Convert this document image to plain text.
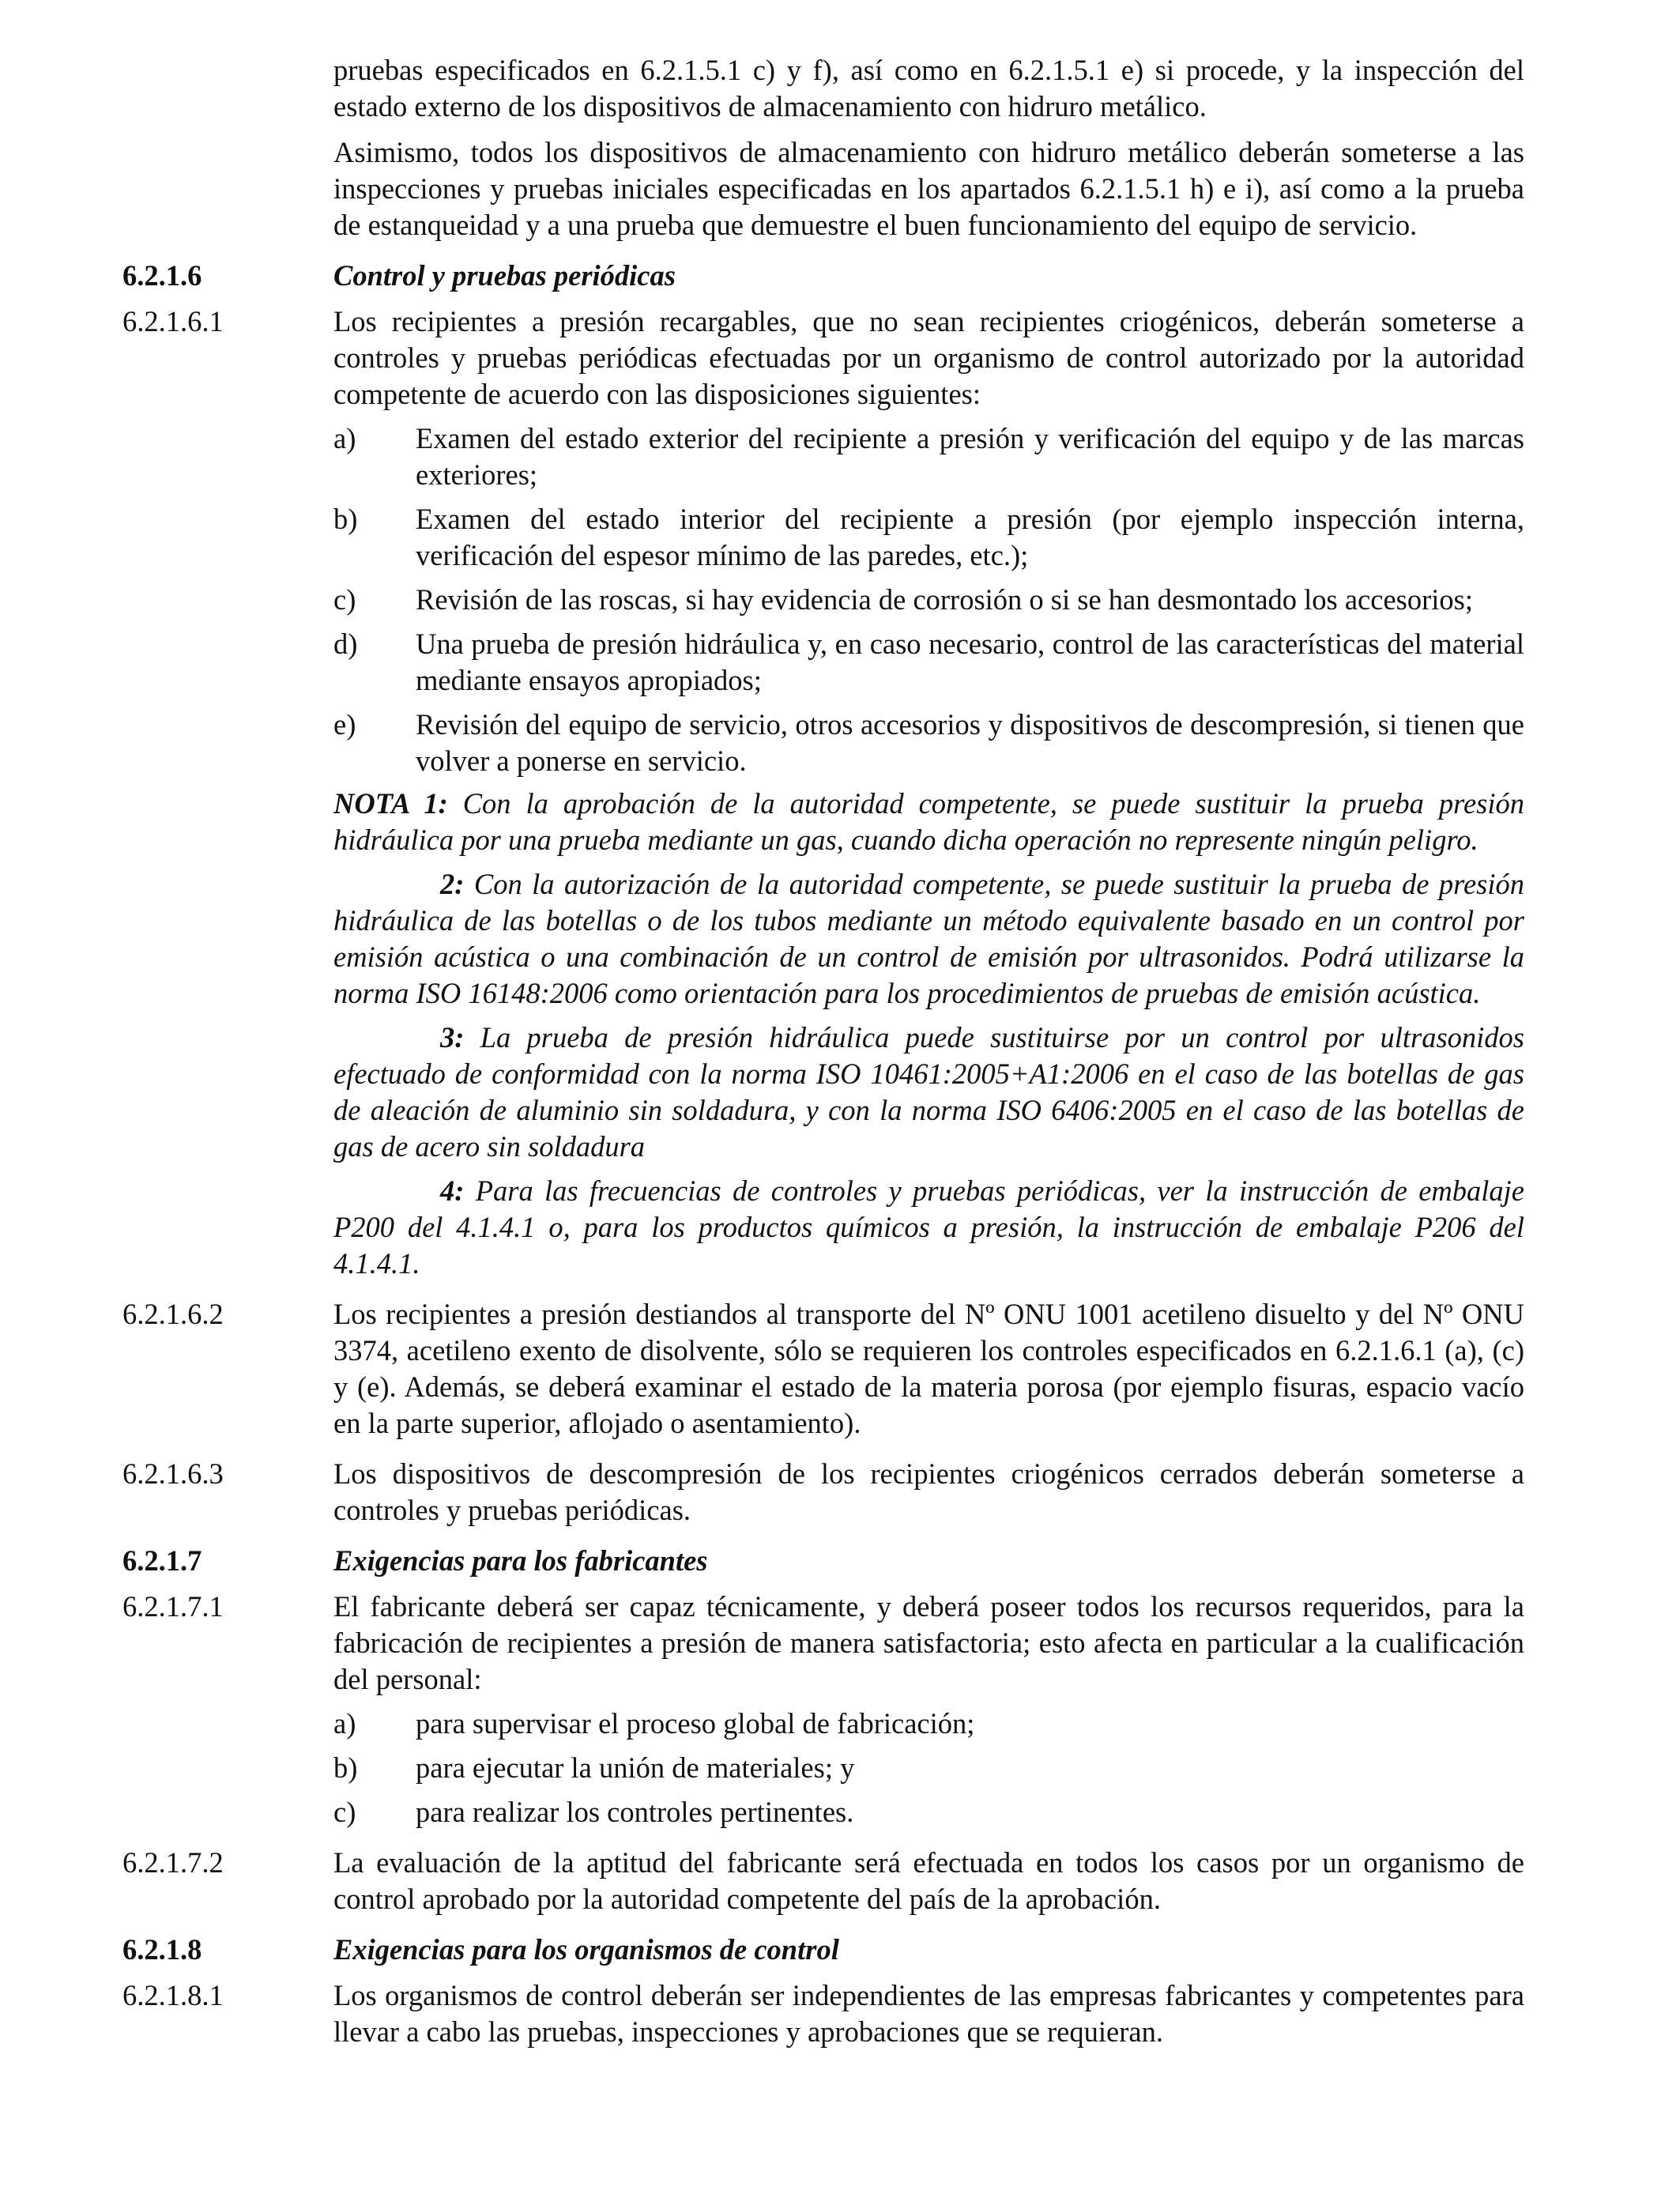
pruebas especificados en 6.2.1.5.1 c) y f), así como en 6.2.1.5.1 e) si procede, y la inspección del estado externo de los dispositivos de almacenamiento con hidruro metálico.

Asimismo, todos los dispositivos de almacenamiento con hidruro metálico deberán someterse a las inspecciones y pruebas iniciales especificadas en los apartados 6.2.1.5.1 h) e i), así como a la prueba de estanqueidad y a una prueba que demuestre el buen funcionamiento del equipo de servicio.

6.2.1.6	Control y pruebas periódicas

6.2.1.6.1	Los recipientes a presión recargables, que no sean recipientes criogénicos, deberán someterse a controles y pruebas periódicas efectuadas por un organismo de control autorizado por la autoridad competente de acuerdo con las disposiciones siguientes:

a) Examen del estado exterior del recipiente a presión y verificación del equipo y de las marcas exteriores;
b) Examen del estado interior del recipiente a presión (por ejemplo inspección interna, verificación del espesor mínimo de las paredes, etc.);
c) Revisión de las roscas, si hay evidencia de corrosión o si se han desmontado los accesorios;
d) Una prueba de presión hidráulica y, en caso necesario, control de las características del material mediante ensayos apropiados;
e) Revisión del equipo de servicio, otros accesorios y dispositivos de descompresión, si tienen que volver a ponerse en servicio.

NOTA 1: Con la aprobación de la autoridad competente, se puede sustituir la prueba presión hidráulica por una prueba mediante un gas, cuando dicha operación no represente ningún peligro.

2: Con la autorización de la autoridad competente, se puede sustituir la prueba de presión hidráulica de las botellas o de los tubos mediante un método equivalente basado en un control por emisión acústica o una combinación de un control de emisión por ultrasonidos. Podrá utilizarse la norma ISO 16148:2006 como orientación para los procedimientos de pruebas de emisión acústica.

3: La prueba de presión hidráulica puede sustituirse por un control por ultrasonidos efectuado de conformidad con la norma ISO 10461:2005+A1:2006 en el caso de las botellas de gas de aleación de aluminio sin soldadura, y con la norma ISO 6406:2005 en el caso de las botellas de gas de acero sin soldadura

4: Para las frecuencias de controles y pruebas periódicas, ver la instrucción de embalaje P200 del 4.1.4.1 o, para los productos químicos a presión, la instrucción de embalaje P206 del 4.1.4.1.

6.2.1.6.2	Los recipientes a presión destiandos al transporte del Nº ONU 1001 acetileno disuelto y del Nº ONU 3374, acetileno exento de disolvente, sólo se requieren los controles especificados en 6.2.1.6.1 (a), (c) y (e). Además, se deberá examinar el estado de la materia porosa (por ejemplo fisuras, espacio vacío en la parte superior, aflojado o asentamiento).

6.2.1.6.3	Los dispositivos de descompresión de los recipientes criogénicos cerrados deberán someterse a controles y pruebas periódicas.

6.2.1.7	Exigencias para los fabricantes

6.2.1.7.1	El fabricante deberá ser capaz técnicamente, y deberá poseer todos los recursos requeridos, para la fabricación de recipientes a presión de manera satisfactoria; esto afecta en particular a la cualificación del personal:

a) para supervisar el proceso global de fabricación;
b) para ejecutar la unión de materiales; y
c) para realizar los controles pertinentes.
6.2.1.7.2	La evaluación de la aptitud del fabricante será efectuada en todos los casos por un organismo de control aprobado por la autoridad competente del país de la aprobación.

6.2.1.8	Exigencias para los organismos de control

6.2.1.8.1	Los organismos de control deberán ser independientes de las empresas fabricantes y competentes para llevar a cabo las pruebas, inspecciones y aprobaciones que se requieran.
